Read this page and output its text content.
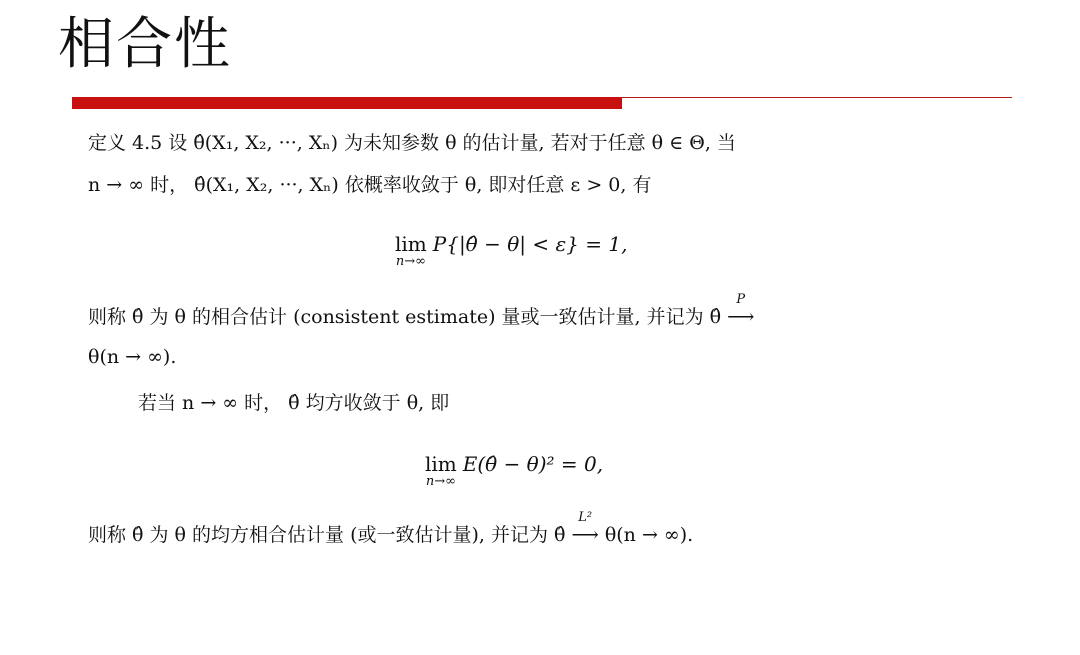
相合性
定义 4.5 设 θ̂(X₁, X₂, ···, Xₙ) 为未知参数 θ 的估计量, 若对于任意 θ ∈ Θ, 当
n → ∞ 时， θ̂(X₁, X₂, ···, Xₙ) 依概率收敛于 θ, 即对任意 ε > 0, 有
lim
n→∞
P{|θ̂ − θ| < ε} = 1,
则称 θ̂ 为 θ 的相合估计 (consistent estimate) 量或一致估计量, 并记为 θ̂
P
⟶
θ(n → ∞).
若当 n → ∞ 时， θ̂ 均方收敛于 θ, 即
lim
n→∞
E(θ̂ − θ)² = 0,
则称 θ̂ 为 θ 的均方相合估计量 (或一致估计量), 并记为 θ̂
L²
⟶ θ(n → ∞).
